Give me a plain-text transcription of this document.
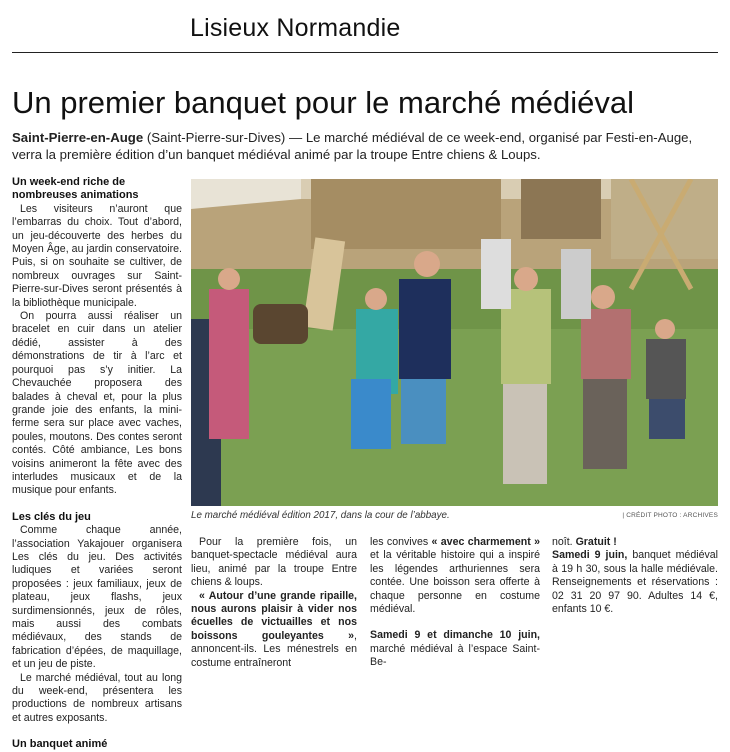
Lisieux Normandie
Un premier banquet pour le marché médiéval
Saint-Pierre-en-Auge (Saint-Pierre-sur-Dives) — Le marché médiéval de ce week-end, organisé par Festi-en-Auge, verra la première édition d’un banquet médiéval animé par la troupe Entre chiens & Loups.

Un week-end riche de nombreuses animations

Les visiteurs n’auront que l’embarras du choix. Tout d’abord, un jeu-découverte des herbes du Moyen Âge, au jardin conservatoire. Puis, si on souhaite se cultiver, de nombreux ouvrages sur Saint-Pierre-sur-Dives seront présentés à la bibliothèque municipale.

On pourra aussi réaliser un bracelet en cuir dans un atelier dédié, assister à des démonstrations de tir à l’arc et pourquoi pas s’y initier. La Chevauchée proposera des balades à cheval et, pour la plus grande joie des enfants, la mini-ferme sera sur place avec vaches, poules, moutons. Des contes seront contés. Côté ambiance, Les bons voisins animeront la fête avec des interludes musicaux et de la musique pour enfants.

Les clés du jeu

Comme chaque année, l’association Yakajouer organisera Les clés du jeu. Des activités ludiques et variées seront proposées : jeux familiaux, jeux de plateau, jeux flashs, jeux surdimensionnés, jeux de rôles, mais aussi des combats médiévaux, des stands de fabrication d’épées, de maquillage, et un jeu de piste.

Le marché médiéval, tout au long du week-end, présentera les productions de nombreux artisans et autres exposants.

Un banquet animé

Le marché médiéval édition 2017, dans la cour de l’abbaye.	| CRÉDIT PHOTO : ARCHIVES

Pour la première fois, un banquet-spectacle médiéval aura lieu, animé par la troupe Entre chiens & loups.

« Autour d’une grande ripaille, nous aurons plaisir à vider nos écuelles de victuailles et nos boissons gouleyantes », annoncent-ils. Les ménestrels en costume entraîneront

les convives « avec charmement » et la véritable histoire qui a inspiré les légendes arthuriennes sera contée. Une boisson sera offerte à chaque personne en costume médiéval.

Samedi 9 et dimanche 10 juin, marché médiéval à l’espace Saint-Be-

noît. Gratuit !

Samedi 9 juin, banquet médiéval à 19 h 30, sous la halle médiévale. Renseignements et réservations : 02 31 20 97 90. Adultes 14 €, enfants 10 €.
